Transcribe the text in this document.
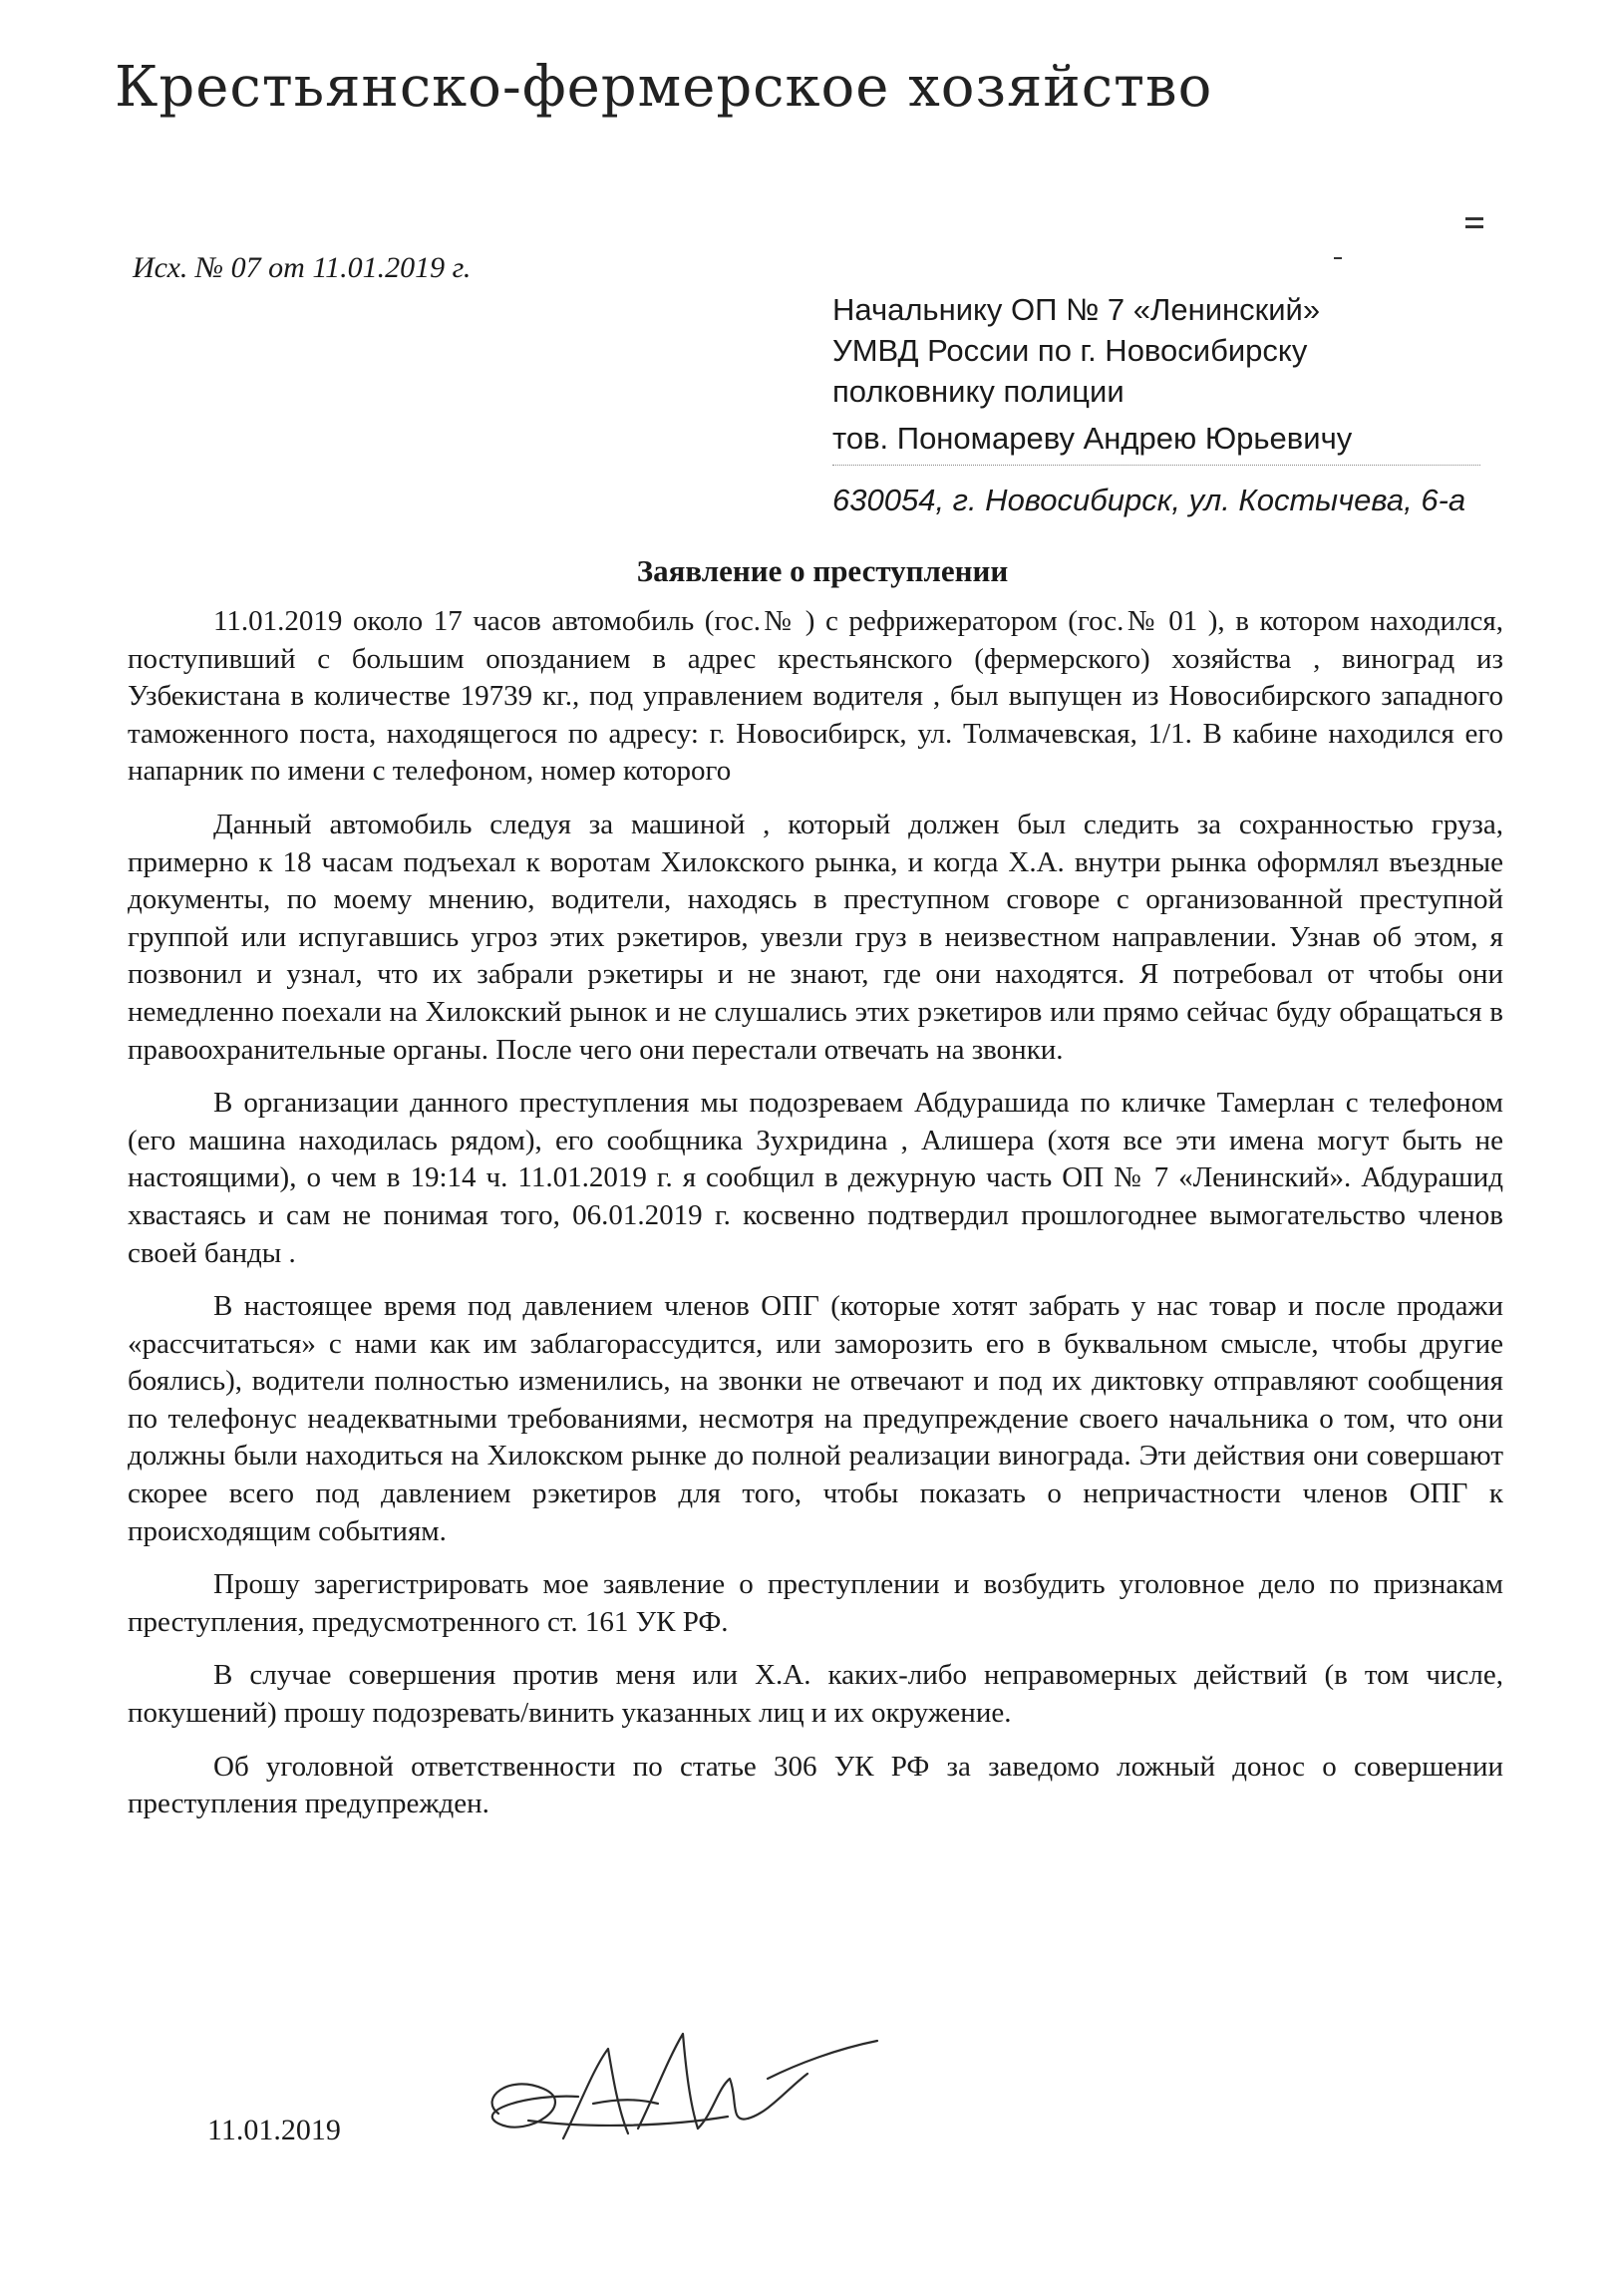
Крестьянско-фермерское хозяйство
Исх. № 07 от 11.01.2019 г.
Начальнику ОП № 7 «Ленинский»
УМВД России по г. Новосибирску
полковнику полиции
тов. Пономареву Андрею Юрьевичу
630054, г. Новосибирск, ул. Костычева, 6-а
Заявление о преступлении

11.01.2019 около 17 часов автомобиль (гос.№ ) с рефрижератором (гос.№ 01 ), в котором находился, поступивший с большим опозданием в адрес крестьянского (фермерского) хозяйства , виноград из Узбекистана в количестве 19739 кг., под управлением водителя , был выпущен из Новосибирского западного таможенного поста, находящегося по адресу: г. Новосибирск, ул. Толмачевская, 1/1. В кабине находился его напарник по имени с телефоном, номер которого

Данный автомобиль следуя за машиной , который должен был следить за сохранностью груза, примерно к 18 часам подъехал к воротам Хилокского рынка, и когда Х.А. внутри рынка оформлял въездные документы, по моему мнению, водители, находясь в преступном сговоре с организованной преступной группой или испугавшись угроз этих рэкетиров, увезли груз в неизвестном направлении. Узнав об этом, я позвонил и узнал, что их забрали рэкетиры и не знают, где они находятся. Я потребовал от чтобы они немедленно поехали на Хилокский рынок и не слушались этих рэкетиров или прямо сейчас буду обращаться в правоохранительные органы. После чего они перестали отвечать на звонки.

В организации данного преступления мы подозреваем Абдурашида по кличке Тамерлан с телефоном (его машина находилась рядом), его сообщника Зухридина , Алишера (хотя все эти имена могут быть не настоящими), о чем в 19:14 ч. 11.01.2019 г. я сообщил в дежурную часть ОП № 7 «Ленинский». Абдурашид хвастаясь и сам не понимая того, 06.01.2019 г. косвенно подтвердил прошлогоднее вымогательство членов своей банды .

В настоящее время под давлением членов ОПГ (которые хотят забрать у нас товар и после продажи «рассчитаться» с нами как им заблагорассудится, или заморозить его в буквальном смысле, чтобы другие боялись), водители полностью изменились, на звонки не отвечают и под их диктовку отправляют сообщения по телефонус неадекватными требованиями, несмотря на предупреждение своего начальника о том, что они должны были находиться на Хилокском рынке до полной реализации винограда. Эти действия они совершают скорее всего под давлением рэкетиров для того, чтобы показать о непричастности членов ОПГ к происходящим событиям.

Прошу зарегистрировать мое заявление о преступлении и возбудить уголовное дело по признакам преступления, предусмотренного ст. 161 УК РФ.

В случае совершения против меня или Х.А. каких-либо неправомерных действий (в том числе, покушений) прошу подозревать/винить указанных лиц и их окружение.

Об уголовной ответственности по статье 306 УК РФ за заведомо ложный донос о совершении преступления предупрежден.

11.01.2019
